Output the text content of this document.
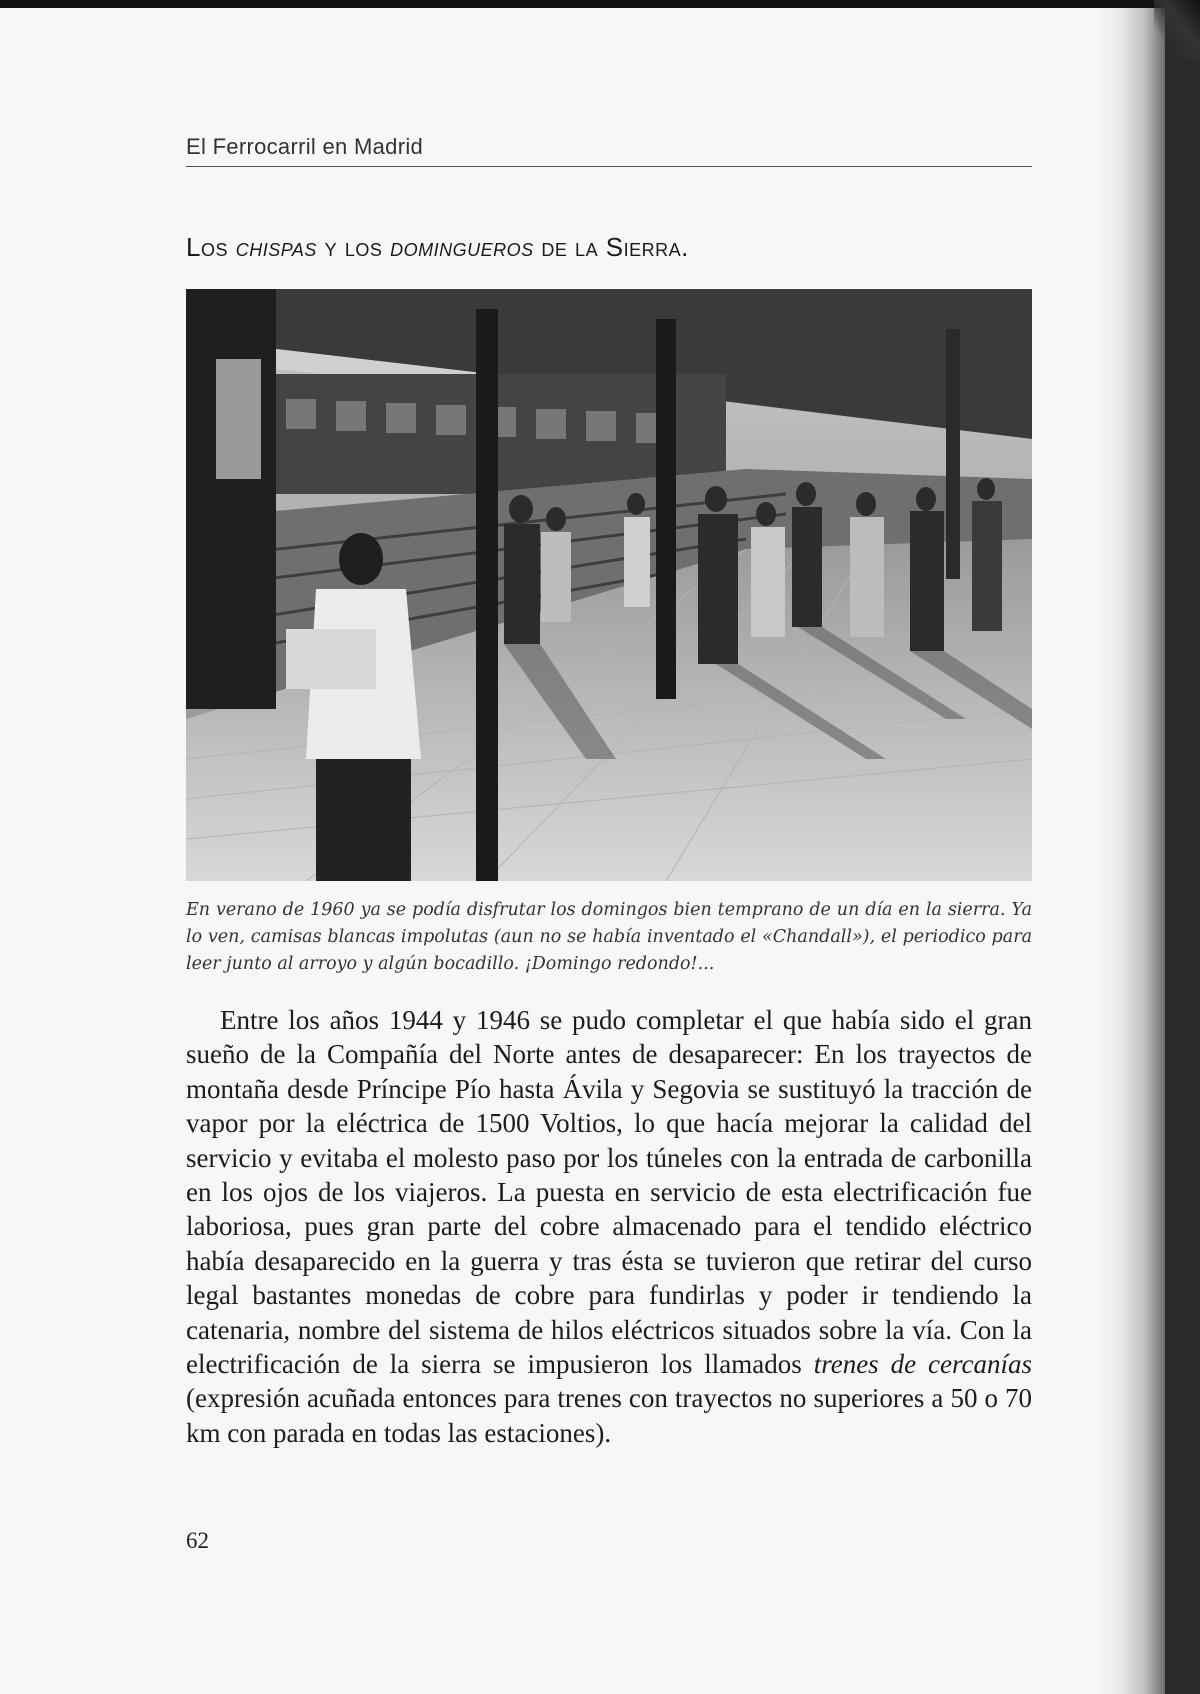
El Ferrocarril en Madrid
Los chispas y los domingueros de la Sierra.
En verano de 1960 ya se podía disfrutar los domingos bien temprano de un día en la sierra. Ya lo ven, camisas blancas impolutas (aun no se había inventado el «Chandall»), el periodico para leer junto al arroyo y algún bocadillo. ¡Domingo redondo!...

Entre los años 1944 y 1946 se pudo completar el que había sido el gran sueño de la Compañía del Norte antes de desaparecer: En los trayectos de montaña desde Príncipe Pío hasta Ávila y Segovia se sustituyó la tracción de vapor por la eléctrica de 1500 Voltios, lo que hacía mejorar la calidad del servicio y evitaba el molesto paso por los túneles con la entrada de carbonilla en los ojos de los viajeros. La puesta en servicio de esta electrificación fue laboriosa, pues gran parte del cobre almacenado para el tendido eléctrico había desaparecido en la guerra y tras ésta se tuvieron que retirar del curso legal bastantes monedas de cobre para fundirlas y poder ir tendiendo la catenaria, nombre del sistema de hilos eléctricos situados sobre la vía. Con la electrificación de la sierra se impusieron los llamados trenes de cercanías (expresión acuñada entonces para trenes con trayectos no superiores a 50 o 70 km con parada en todas las estaciones).

62
